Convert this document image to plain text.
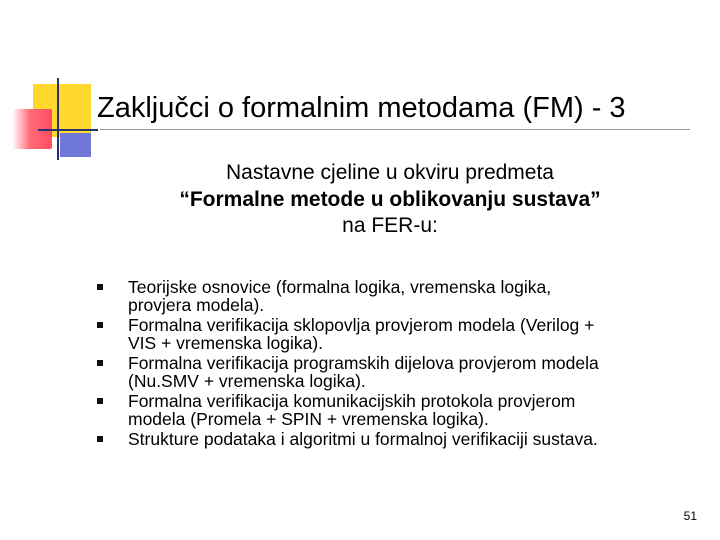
Zaključci o formalnim metodama (FM) - 3

Nastavne cjeline u okviru predmeta

“Formalne metode u oblikovanju sustava”

na FER-u:

Teorijske osnovice (formalna logika, vremenska logika,
provjera modela).
Formalna verifikacija sklopovlja provjerom modela (Verilog +
VIS + vremenska logika).
Formalna verifikacija programskih dijelova provjerom modela
(Nu.SMV + vremenska logika).
Formalna verifikacija komunikacijskih protokola provjerom
modela (Promela + SPIN + vremenska logika).
Strukture podataka i algoritmi u formalnoj verifikaciji sustava.
51
